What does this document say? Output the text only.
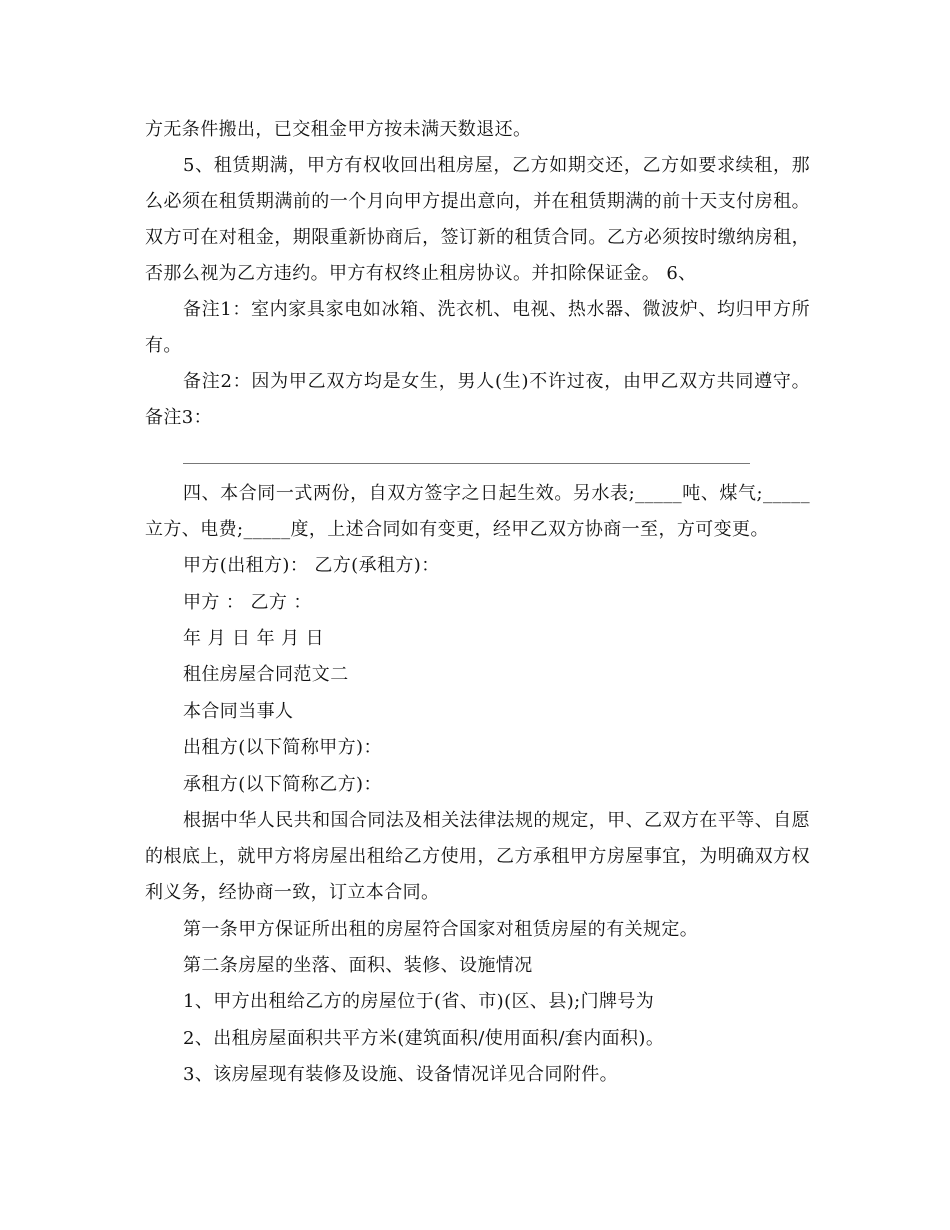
方无条件搬出，已交租金甲方按未满天数退还。
5、租赁期满，甲方有权收回出租房屋，乙方如期交还，乙方如要求续租，那么必须在租赁期满前的一个月向甲方提出意向，并在租赁期满的前十天支付房租。双方可在对租金，期限重新协商后，签订新的租赁合同。乙方必须按时缴纳房租，否那么视为乙方违约。甲方有权终止租房协议。并扣除保证金。 6、
备注1：室内家具家电如冰箱、洗衣机、电视、热水器、微波炉、均归甲方所有。
备注2：因为甲乙双方均是女生，男人(生)不许过夜，由甲乙双方共同遵守。 备注3：
四、本合同一式两份，自双方签字之日起生效。另水表;_____吨、煤气;_____立方、电费;_____度，上述合同如有变更，经甲乙双方协商一至，方可变更。
甲方(出租方)： 乙方(承租方)：
甲方 ： 乙方 ：
年 月 日 年 月 日
租住房屋合同范文二
本合同当事人
出租方(以下简称甲方)：
承租方(以下简称乙方)：
根据中华人民共和国合同法及相关法律法规的规定，甲、乙双方在平等、自愿的根底上，就甲方将房屋出租给乙方使用，乙方承租甲方房屋事宜，为明确双方权利义务，经协商一致，订立本合同。
第一条甲方保证所出租的房屋符合国家对租赁房屋的有关规定。
第二条房屋的坐落、面积、装修、设施情况
1、甲方出租给乙方的房屋位于(省、市)(区、县);门牌号为
2、出租房屋面积共平方米(建筑面积/使用面积/套内面积)。
3、该房屋现有装修及设施、设备情况详见合同附件。
